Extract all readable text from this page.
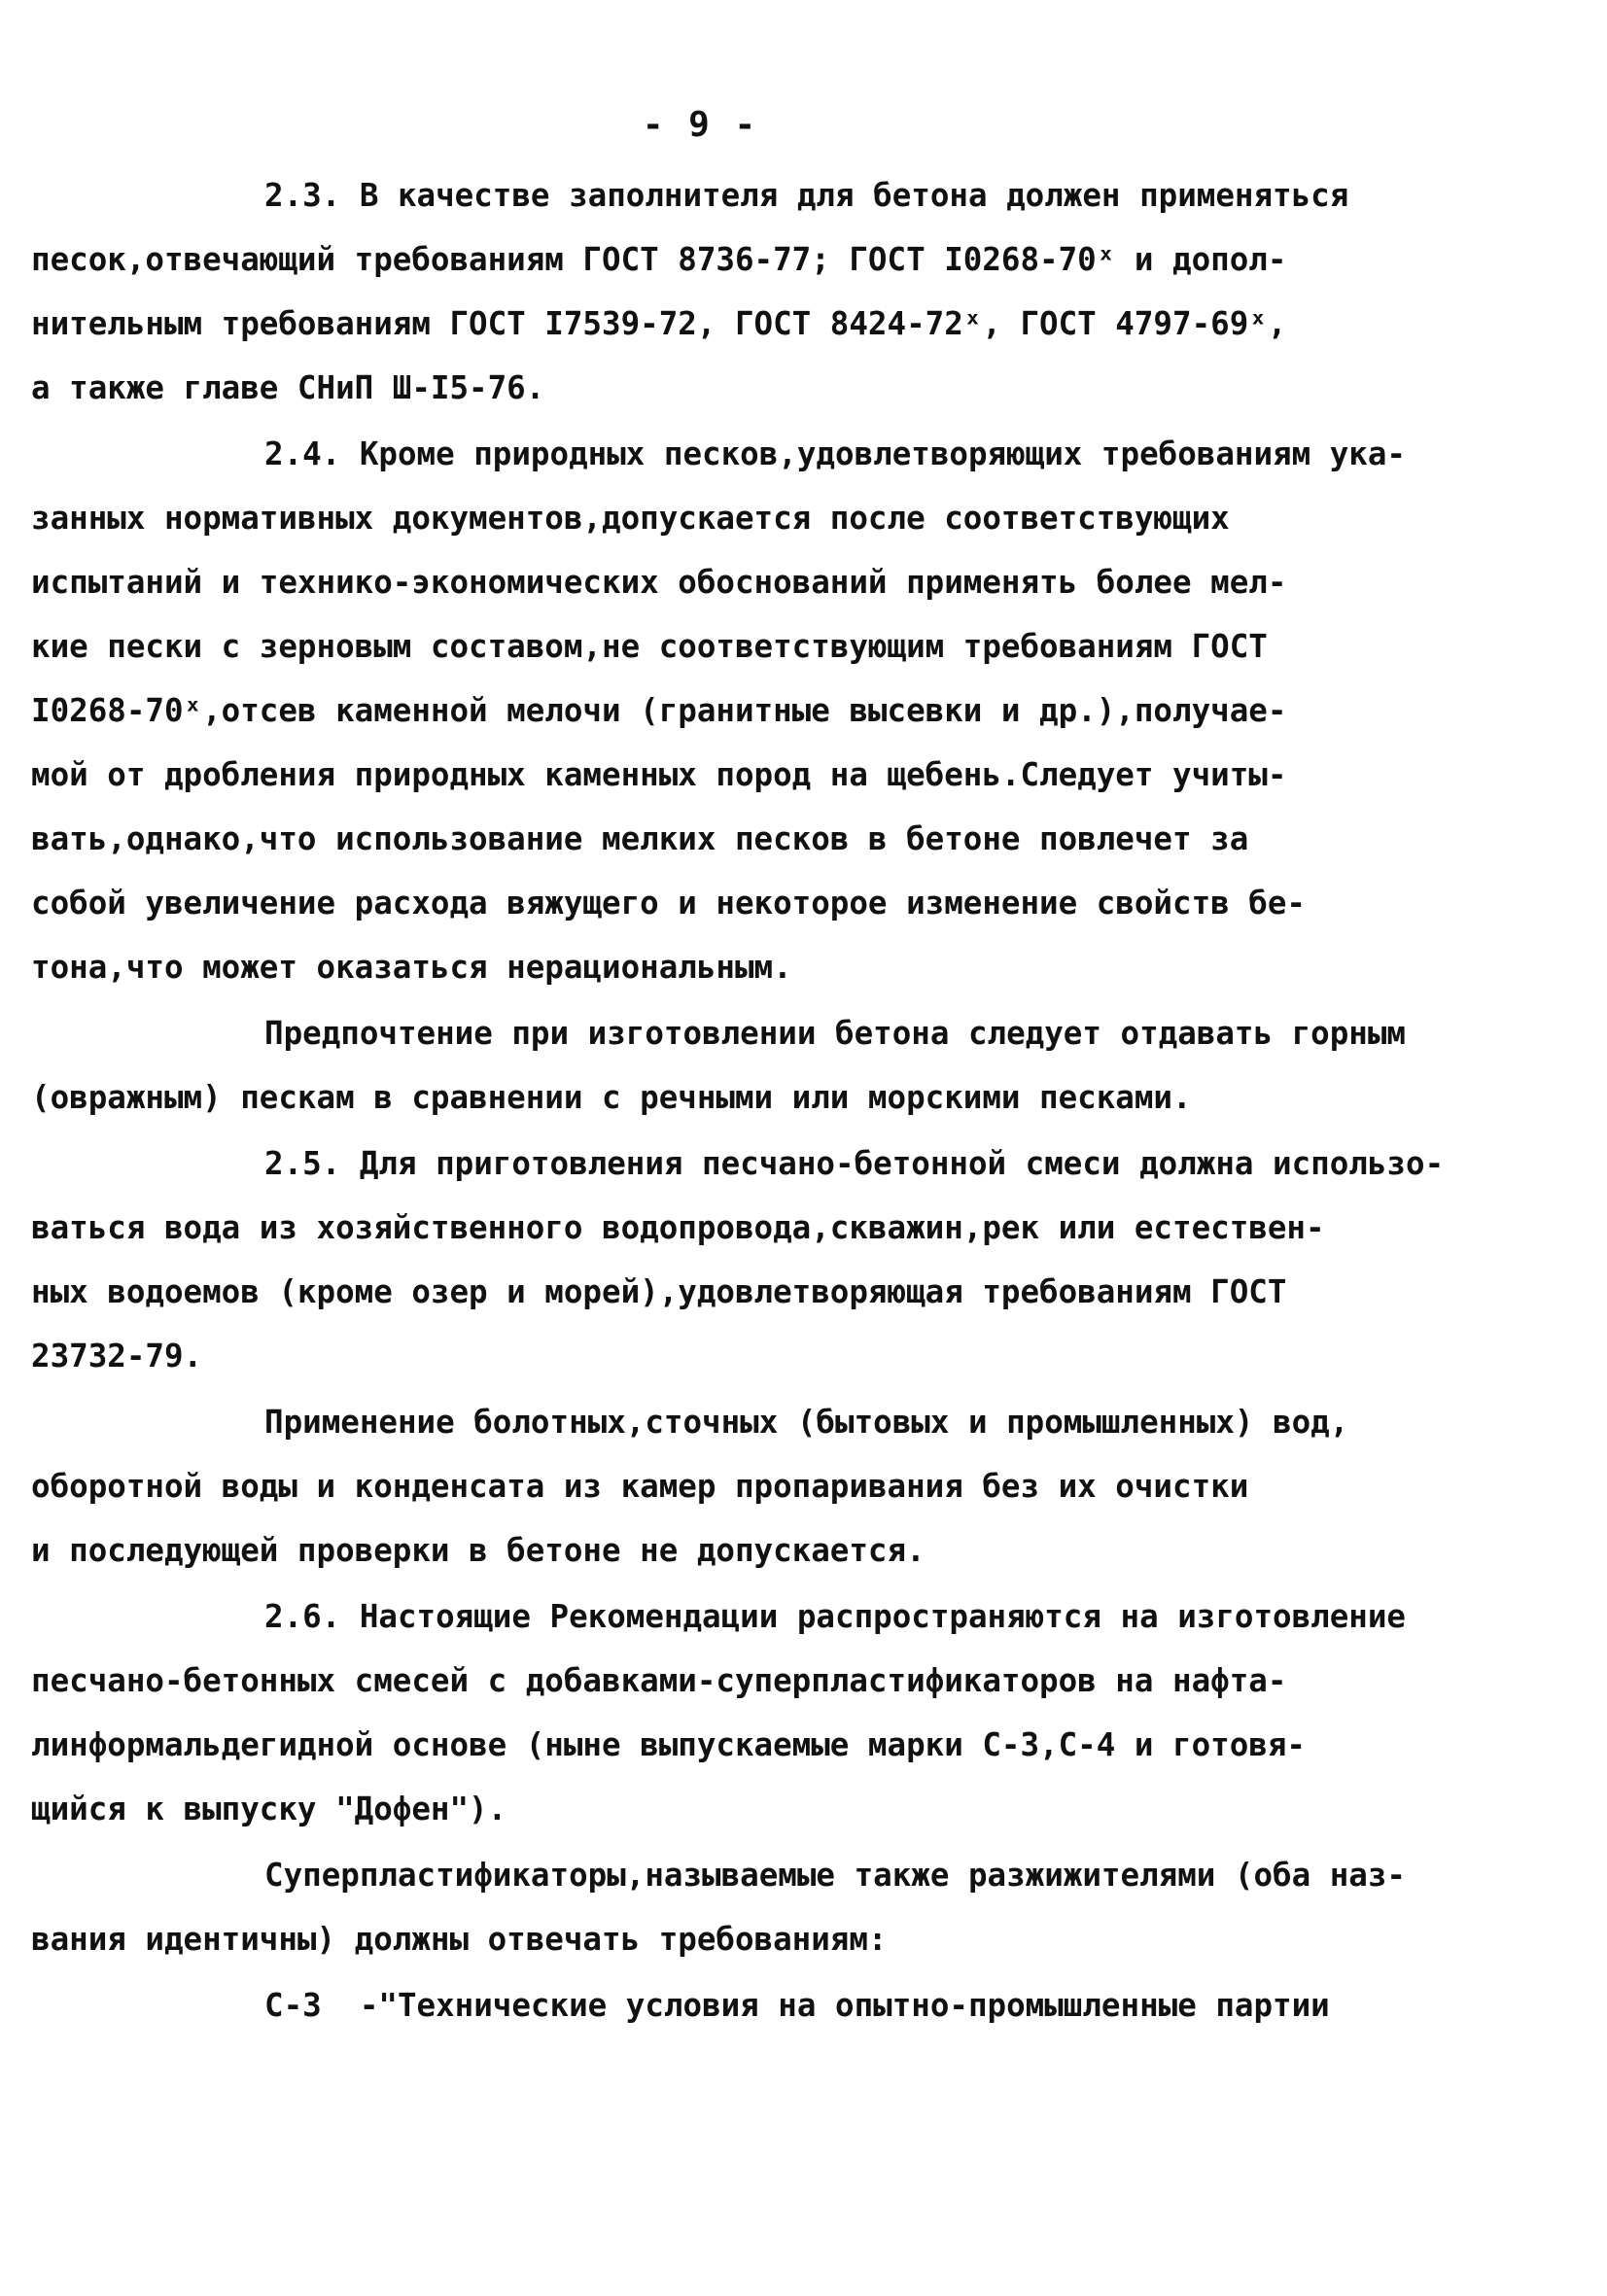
- 9 -

2.3. В качестве заполнителя для бетона должен применяться
песок,отвечающий требованиям ГОСТ 8736-77; ГОСТ I0268-70ˣ и допол-
нительным требованиям ГОСТ I7539-72, ГОСТ 8424-72ˣ, ГОСТ 4797-69ˣ,
а также главе СНиП Ш-I5-76.

2.4. Кроме природных песков,удовлетворяющих требованиям ука-
занных нормативных документов,допускается после соответствующих
испытаний и технико-экономических обоснований применять более мел-
кие пески с зерновым составом,не соответствующим требованиям ГОСТ
I0268-70ˣ,отсев каменной мелочи (гранитные высевки и др.),получае-
мой от дробления природных каменных пород на щебень.Следует учиты-
вать,однако,что использование мелких песков в бетоне повлечет за
собой увеличение расхода вяжущего и некоторое изменение свойств бе-
тона,что может оказаться нерациональным.

Предпочтение при изготовлении бетона следует отдавать горным
(овражным) пескам в сравнении с речными или морскими песками.

2.5. Для приготовления песчано-бетонной смеси должна использо-
ваться вода из хозяйственного водопровода,скважин,рек или естествен-
ных водоемов (кроме озер и морей),удовлетворяющая требованиям ГОСТ
23732-79.

Применение болотных,сточных (бытовых и промышленных) вод,
оборотной воды и конденсата из камер пропаривания без их очистки
и последующей проверки в бетоне не допускается.

2.6. Настоящие Рекомендации распространяются на изготовление
песчано-бетонных смесей с добавками-суперпластификаторов на нафта-
линформальдегидной основе (ныне выпускаемые марки С-3,С-4 и готовя-
щийся к выпуску "Дофен").

Суперпластификаторы,называемые также разжижителями (оба наз-
вания идентичны) должны отвечать требованиям:

С-3  -"Технические условия на опытно-промышленные партии
